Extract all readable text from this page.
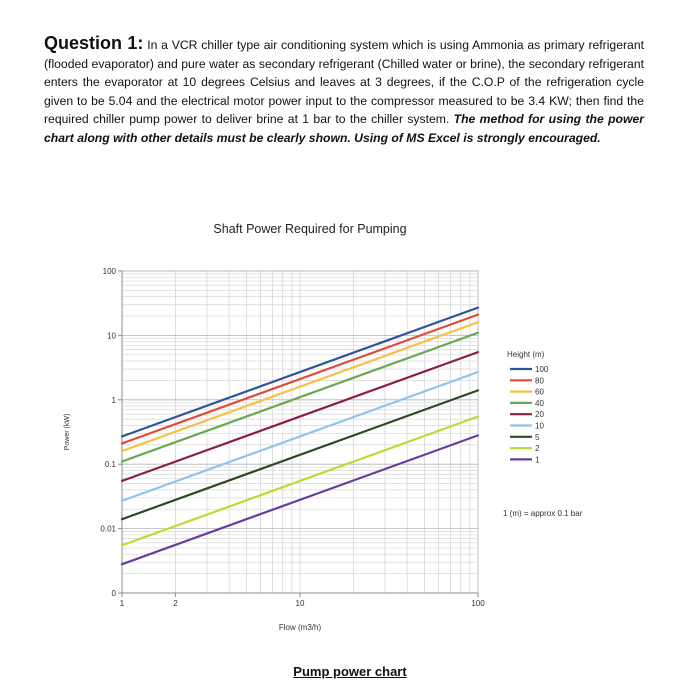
Question 1: In a VCR chiller type air conditioning system which is using Ammonia as primary refrigerant (flooded evaporator) and pure water as secondary refrigerant (Chilled water or brine), the secondary refrigerant enters the evaporator at 10 degrees Celsius and leaves at 3 degrees, if the C.O.P of the refrigeration cycle given to be 5.04 and the electrical motor power input to the compressor measured to be 3.4 KW; then find the required chiller pump power to deliver brine at 1 bar to the chiller system. The method for using the power chart along with other details must be clearly shown. Using of MS Excel is strongly encouraged.
0
0.01
0.1
1
10
100
1	2	10	100
Shaft Power Required for Pumping
Flow (m3/h)
Power (kW)
Height (m)
100
80
60
40
20
10
5
2
1
1 (m) = approx 0.1 bar
Pump power chart
